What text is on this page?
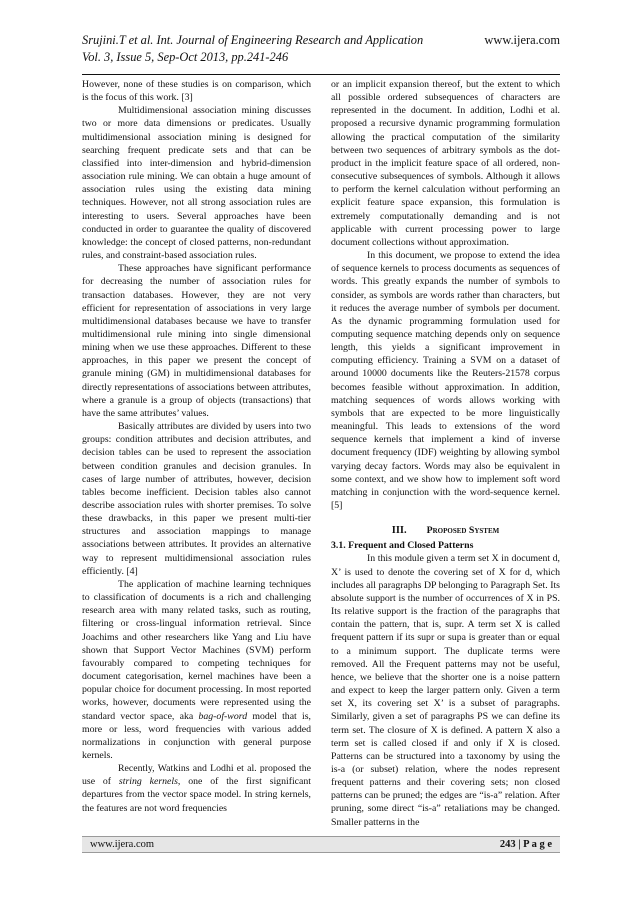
Srujini.T et al. Int. Journal of Engineering Research and Application	www.ijera.com
Vol. 3, Issue 5, Sep-Oct 2013, pp.241-246

However, none of these studies is on comparison, which is the focus of this work. [3]

Multidimensional association mining discusses two or more data dimensions or predicates. Usually multidimensional association mining is designed for searching frequent predicate sets and that can be classified into inter-dimension and hybrid-dimension association rule mining. We can obtain a huge amount of association rules using the existing data mining techniques. However, not all strong association rules are interesting to users. Several approaches have been conducted in order to guarantee the quality of discovered knowledge: the concept of closed patterns, non-redundant rules, and constraint-based association rules.

These approaches have significant performance for decreasing the number of association rules for transaction databases. However, they are not very efficient for representation of associations in very large multidimensional databases because we have to transfer multidimensional rule mining into single dimensional mining when we use these approaches. Different to these approaches, in this paper we present the concept of granule mining (GM) in multidimensional databases for directly representations of associations between attributes, where a granule is a group of objects (transactions) that have the same attributes’ values.

Basically attributes are divided by users into two groups: condition attributes and decision attributes, and decision tables can be used to represent the association between condition granules and decision granules. In cases of large number of attributes, however, decision tables become inefficient. Decision tables also cannot describe association rules with shorter premises. To solve these drawbacks, in this paper we present multi-tier structures and association mappings to manage associations between attributes. It provides an alternative way to represent multidimensional association rules efficiently. [4]

The application of machine learning techniques to classification of documents is a rich and challenging research area with many related tasks, such as routing, filtering or cross-lingual information retrieval. Since Joachims and other researchers like Yang and Liu have shown that Support Vector Machines (SVM) perform favourably compared to competing techniques for document categorisation, kernel machines have been a popular choice for document processing. In most reported works, however, documents were represented using the standard vector space, aka bag-of-word model that is, more or less, word frequencies with various added normalizations in conjunction with general purpose kernels.

Recently, Watkins and Lodhi et al. proposed the use of string kernels, one of the first significant departures from the vector space model. In string kernels, the features are not word frequencies

or an implicit expansion thereof, but the extent to which all possible ordered subsequences of characters are represented in the document. In addition, Lodhi et al. proposed a recursive dynamic programming formulation allowing the practical computation of the similarity between two sequences of arbitrary symbols as the dot-product in the implicit feature space of all ordered, non-consecutive subsequences of symbols. Although it allows to perform the kernel calculation without performing an explicit feature space expansion, this formulation is extremely computationally demanding and is not applicable with current processing power to large document collections without approximation.

In this document, we propose to extend the idea of sequence kernels to process documents as sequences of words. This greatly expands the number of symbols to consider, as symbols are words rather than characters, but it reduces the average number of symbols per document. As the dynamic programming formulation used for computing sequence matching depends only on sequence length, this yields a significant improvement in computing efficiency. Training a SVM on a dataset of around 10000 documents like the Reuters-21578 corpus becomes feasible without approximation. In addition, matching sequences of words allows working with symbols that are expected to be more linguistically meaningful. This leads to extensions of the word sequence kernels that implement a kind of inverse document frequency (IDF) weighting by allowing symbol varying decay factors. Words may also be equivalent in some context, and we show how to implement soft word matching in conjunction with the word-sequence kernel. [5]

III. Proposed System

3.1. Frequent and Closed Patterns

In this module given a term set X in document d, X’ is used to denote the covering set of X for d, which includes all paragraphs DP belonging to Paragraph Set. Its absolute support is the number of occurrences of X in PS. Its relative support is the fraction of the paragraphs that contain the pattern, that is, supr. A term set X is called frequent pattern if its supr or supa is greater than or equal to a minimum support. The duplicate terms were removed. All the Frequent patterns may not be useful, hence, we believe that the shorter one is a noise pattern and expect to keep the larger pattern only. Given a term set X, its covering set X’ is a subset of paragraphs. Similarly, given a set of paragraphs PS we can define its term set. The closure of X is defined. A pattern X also a term set is called closed if and only if X is closed. Patterns can be structured into a taxonomy by using the is-a (or subset) relation, where the nodes represent frequent patterns and their covering sets; non closed patterns can be pruned; the edges are “is-a” relation. After pruning, some direct “is-a” retaliations may be changed. Smaller patterns in the

www.ijera.com	243 | P a g e
